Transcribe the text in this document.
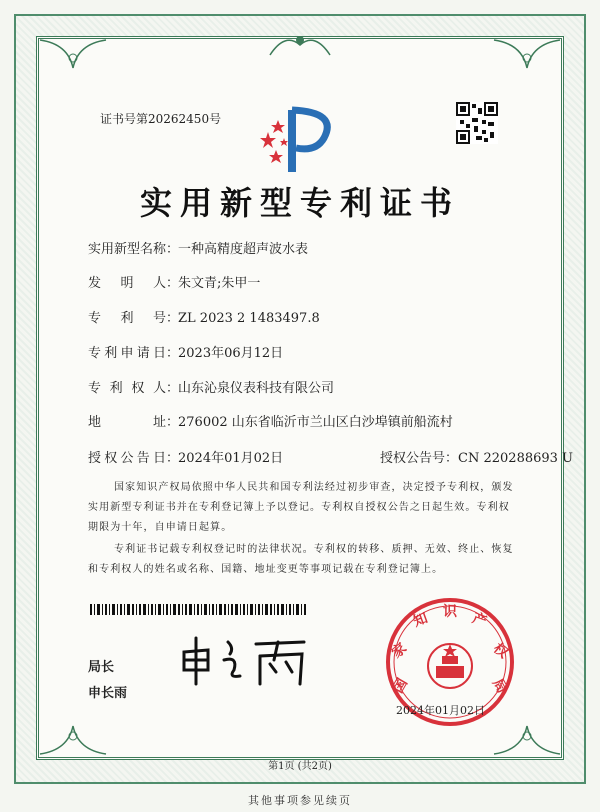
证书号第20262450号
实用新型专利证书
实用新型名称：一种高精度超声波水表
发明人：朱文青;朱甲一
专利号：ZL 2023 2 1483497.8
专利申请日：2023年06月12日
专利权人：山东沁泉仪表科技有限公司
地址：276002 山东省临沂市兰山区白沙埠镇前船流村
授权公告日：2024年01月02日	授权公告号：CN 220288693 U
国家知识产权局依照中华人民共和国专利法经过初步审查，决定授予专利权，颁发实用新型专利证书并在专利登记簿上予以登记。专利权自授权公告之日起生效。专利权期限为十年，自申请日起算。
专利证书记载专利权登记时的法律状况。专利权的转移、质押、无效、终止、恢复和专利权人的姓名或名称、国籍、地址变更等事项记载在专利登记簿上。
局长
申长雨	国
家
知 识 产
权
局
2024年01月02日
第1页 (共2页)
其他事项参见续页
